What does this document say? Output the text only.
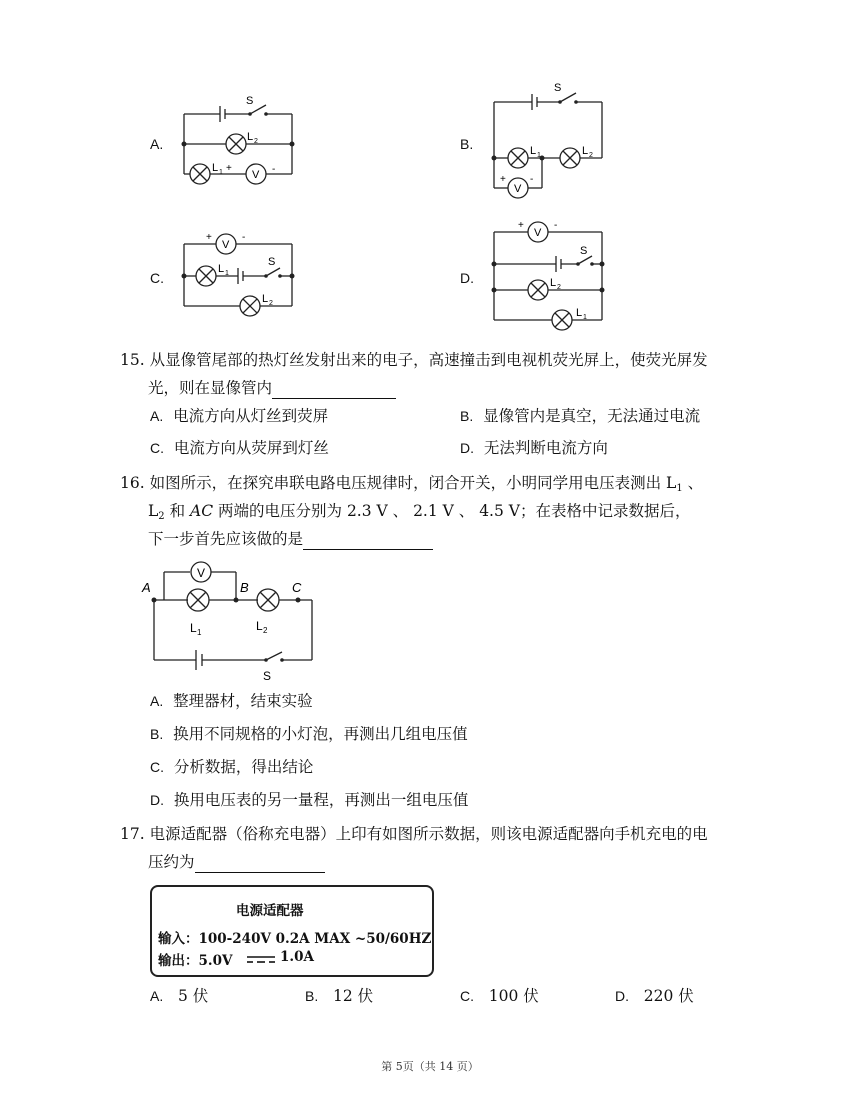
A.
S
L 2
L 1 +
V -
B.
S
L 1	L 2
+
V
-
C.
+
V
-
L 1
S
L 2
D.
+
V
-
S
L 2
L 1
15. 从显像管尾部的热灯丝发射出来的电子，高速撞击到电视机荧光屏上，使荧光屏发
光，则在显像管内
A. 电流方向从灯丝到荧屏	B. 显像管内是真空，无法通过电流
C. 电流方向从荧屏到灯丝	D. 无法判断电流方向
16. 如图所示，在探究串联电路电压规律时，闭合开关，小明同学用电压表测出 $L_1$ 、
$L_2$ 和 AC 两端的电压分别为 2.3 V 、 2.1 V 、 4.5 V；在表格中记录数据后，
下一步首先应该做的是
A	B	C
V
L 1	L 2
S
A. 整理器材，结束实验
B. 换用不同规格的小灯泡，再测出几组电压值
C. 分析数据，得出结论
D. 换用电压表的另一量程，再测出一组电压值
17. 电源适配器（俗称充电器）上印有如图所示数据，则该电源适配器向手机充电的电
压约为
电源适配器
输入：100-240V 0.2A MAX ~50/60HZ
输出：5.0V	1.0A
A. 5 伏	B. 12 伏	C. 100 伏	D. 220 伏
第 5页（共 14 页）
